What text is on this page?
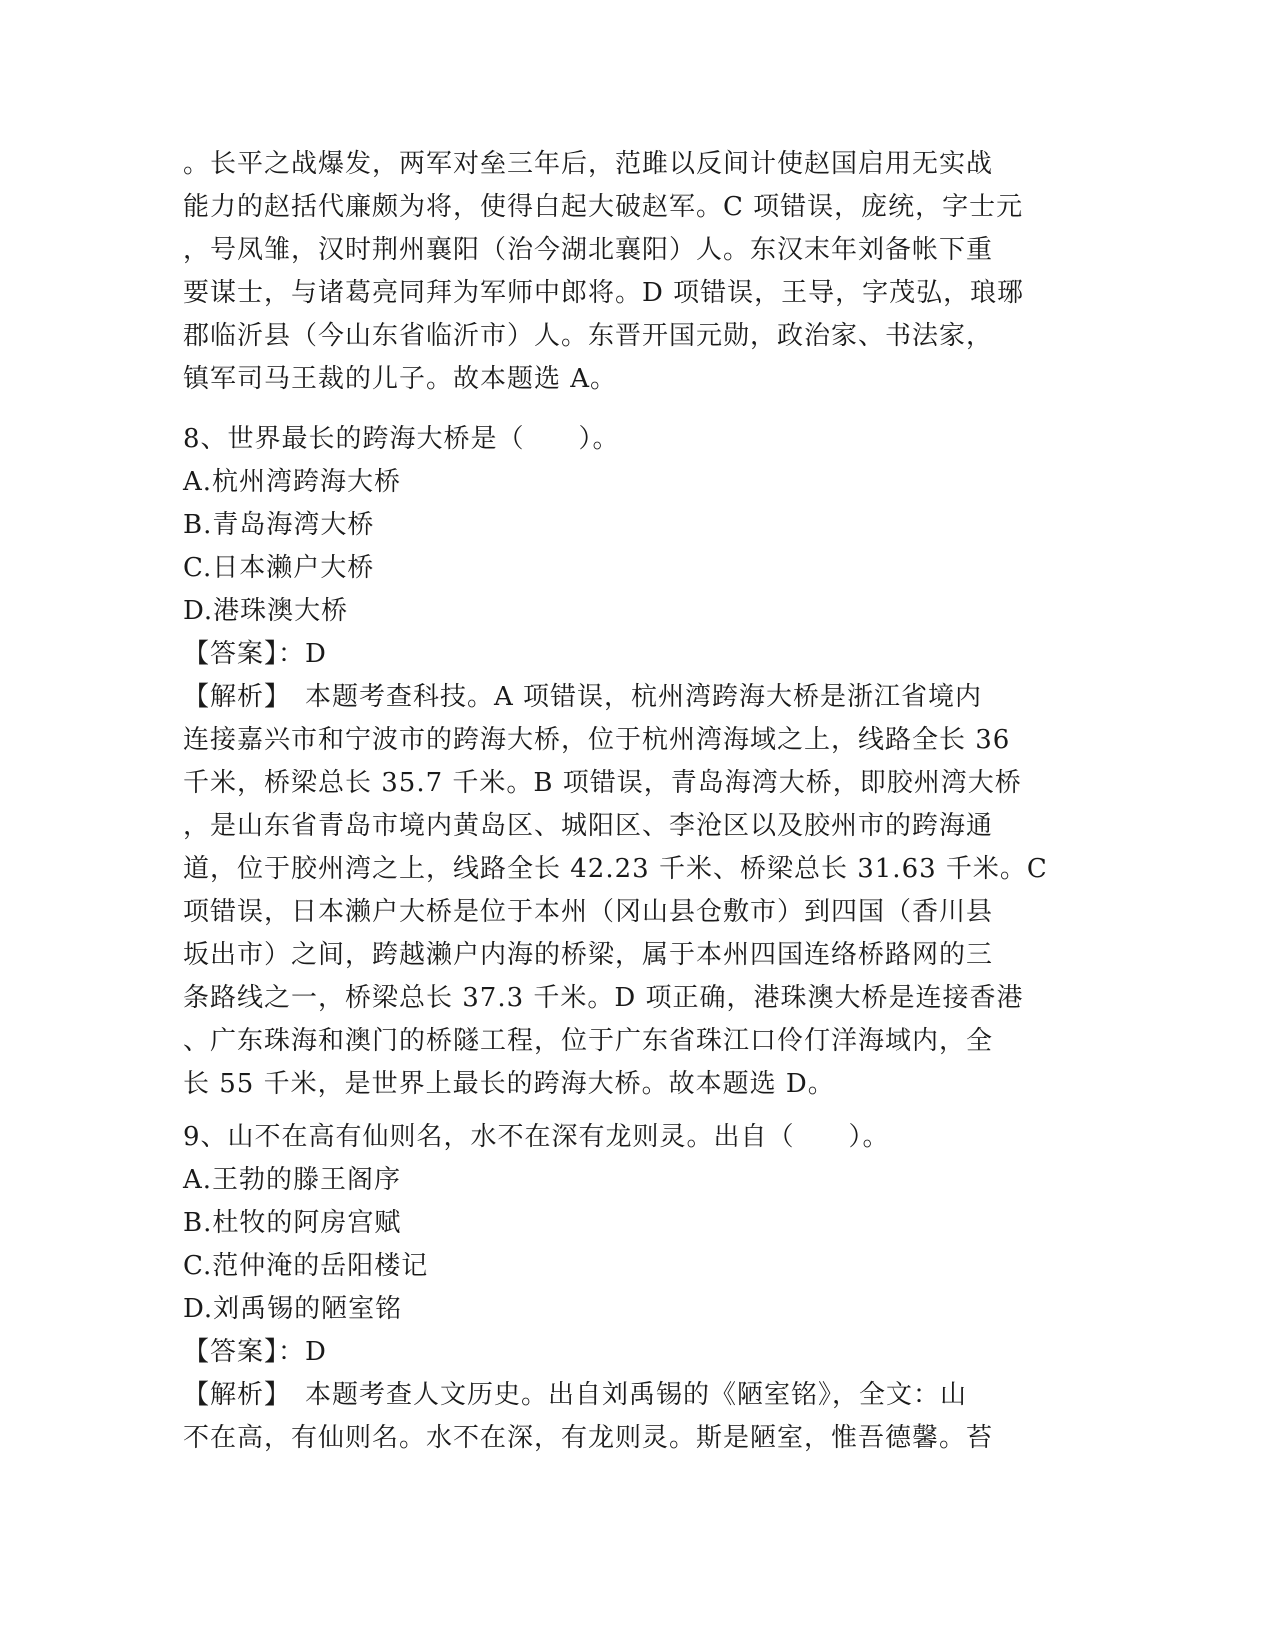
。长平之战爆发，两军对垒三年后，范雎以反间计使赵国启用无实战
能力的赵括代廉颇为将，使得白起大破赵军。C 项错误，庞统，字士元
，号凤雏，汉时荆州襄阳（治今湖北襄阳）人。东汉末年刘备帐下重
要谋士，与诸葛亮同拜为军师中郎将。D 项错误，王导，字茂弘，琅琊
郡临沂县（今山东省临沂市）人。东晋开国元勋，政治家、书法家，
镇军司马王裁的儿子。故本题选 A。
8、世界最长的跨海大桥是（　　）。
A.杭州湾跨海大桥
B.青岛海湾大桥
C.日本濑户大桥
D.港珠澳大桥
【答案】：D
【解析】　本题考查科技。A 项错误，杭州湾跨海大桥是浙江省境内
连接嘉兴市和宁波市的跨海大桥，位于杭州湾海域之上，线路全长 36
千米，桥梁总长 35.7 千米。B 项错误，青岛海湾大桥，即胶州湾大桥
，是山东省青岛市境内黄岛区、城阳区、李沧区以及胶州市的跨海通
道，位于胶州湾之上，线路全长 42.23 千米、桥梁总长 31.63 千米。C
项错误，日本濑户大桥是位于本州（冈山县仓敷市）到四国（香川县
坂出市）之间，跨越濑户内海的桥梁，属于本州四国连络桥路网的三
条路线之一，桥梁总长 37.3 千米。D 项正确，港珠澳大桥是连接香港
、广东珠海和澳门的桥隧工程，位于广东省珠江口伶仃洋海域内，全
长 55 千米，是世界上最长的跨海大桥。故本题选 D。
9、山不在高有仙则名，水不在深有龙则灵。出自（　　）。
A.王勃的滕王阁序
B.杜牧的阿房宫赋
C.范仲淹的岳阳楼记
D.刘禹锡的陋室铭
【答案】：D
【解析】　本题考查人文历史。出自刘禹锡的《陋室铭》，全文：山
不在高，有仙则名。水不在深，有龙则灵。斯是陋室，惟吾德馨。苔
